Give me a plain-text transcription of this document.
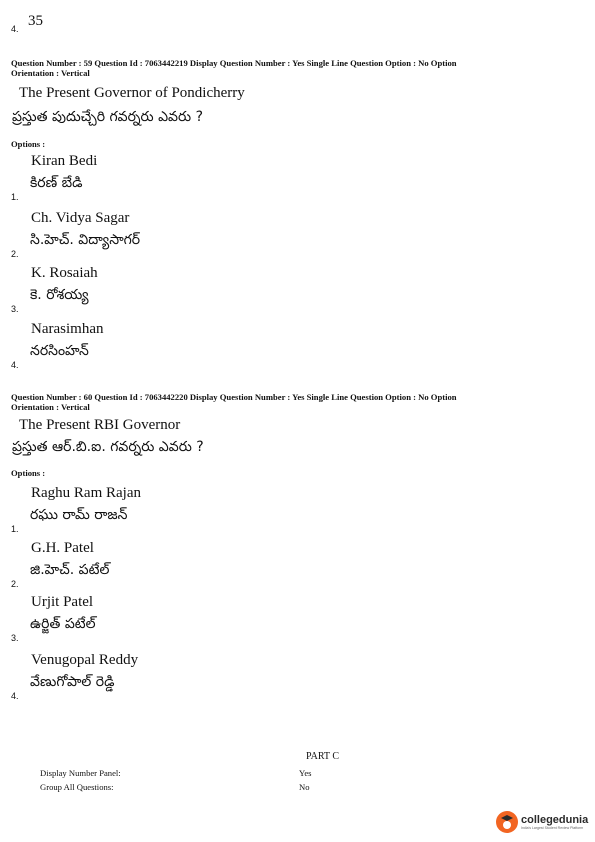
4. 35
Question Number : 59 Question Id : 7063442219 Display Question Number : Yes Single Line Question Option : No Option
Orientation : Vertical
The Present Governor of Pondicherry
ప్రస్తుత పుదుచ్చేరి గవర్నరు ఎవరు ?
Options :
Kiran Bedi
కిరణ్ బేడి
1.
Ch. Vidya Sagar
సి.హెచ్. విద్యాసాగర్
2.
K. Rosaiah
కె. రోశయ్య
3.
Narasimhan
నరసింహన్
4.
Question Number : 60 Question Id : 7063442220 Display Question Number : Yes Single Line Question Option : No Option
Orientation : Vertical
The Present RBI Governor
ప్రస్తుత ఆర్.బి.ఐ. గవర్నరు ఎవరు ?
Options :
Raghu Ram Rajan
రఘు రామ్ రాజన్
1.
G.H. Patel
జి.హెచ్. పటేల్
2.
Urjit Patel
ఉర్జిత్ పటేల్
3.
Venugopal Reddy
వేణుగోపాల్ రెడ్డి
4.
PART C
Display Number Panel:	Yes
Group All Questions:	No
collegedunia
India's Largest Student Review Platform
